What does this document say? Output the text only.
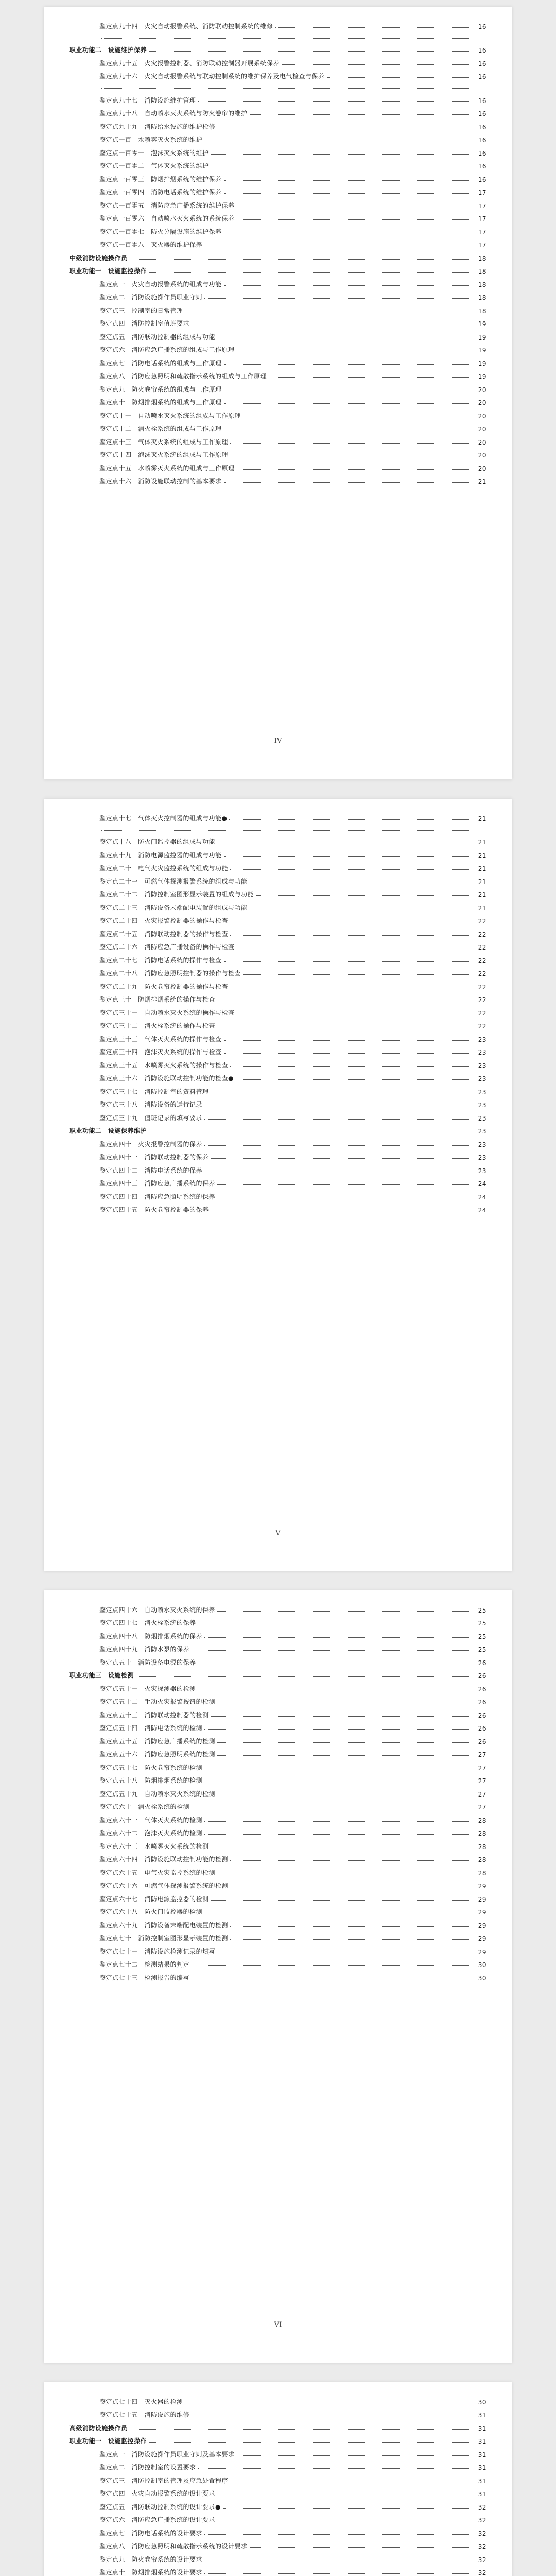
鉴定点九十四　火灾自动报警系统、消防联动控制系统的维修	16
职业功能二　设施维护保养	16
鉴定点九十五　火灾报警控制器、消防联动控制器开展系统保养	16
鉴定点九十六　火灾自动报警系统与联动控制系统的维护保养及电气检查与保养	16
鉴定点九十七　消防设施维护管理	16
鉴定点九十八　自动喷水灭火系统与防火卷帘的维护	16
鉴定点九十九　消防给水设施的维护检修	16
鉴定点一百　水喷雾灭火系统的维护	16
鉴定点一百零一　泡沫灭火系统的维护	16
鉴定点一百零二　气体灭火系统的维护	16
鉴定点一百零三　防烟排烟系统的维护保养	16
鉴定点一百零四　消防电话系统的维护保养	17
鉴定点一百零五　消防应急广播系统的维护保养	17
鉴定点一百零六　自动喷水灭火系统的系统保养	17
鉴定点一百零七　防火分隔设施的维护保养	17
鉴定点一百零八　灭火器的维护保养	17
中级消防设施操作员	18
职业功能一　设施监控操作	18
鉴定点一　火灾自动报警系统的组成与功能	18
鉴定点二　消防设施操作员职业守则	18
鉴定点三　控制室的日常管理	18
鉴定点四　消防控制室值班要求	19
鉴定点五　消防联动控制器的组成与功能	19
鉴定点六　消防应急广播系统的组成与工作原理	19
鉴定点七　消防电话系统的组成与工作原理	19
鉴定点八　消防应急照明和疏散指示系统的组成与工作原理	19
鉴定点九　防火卷帘系统的组成与工作原理	20
鉴定点十　防烟排烟系统的组成与工作原理	20
鉴定点十一　自动喷水灭火系统的组成与工作原理	20
鉴定点十二　消火栓系统的组成与工作原理	20
鉴定点十三　气体灭火系统的组成与工作原理	20
鉴定点十四　泡沫灭火系统的组成与工作原理	20
鉴定点十五　水喷雾灭火系统的组成与工作原理	20
鉴定点十六　消防设施联动控制的基本要求	21
IV
鉴定点十七　气体灭火控制器的组成与功能●	21
鉴定点十八　防火门监控器的组成与功能	21
鉴定点十九　消防电源监控器的组成与功能	21
鉴定点二十　电气火灾监控系统的组成与功能	21
鉴定点二十一　可燃气体探测报警系统的组成与功能	21
鉴定点二十二　消防控制室图形显示装置的组成与功能	21
鉴定点二十三　消防设备末端配电装置的组成与功能	21
鉴定点二十四　火灾报警控制器的操作与检查	22
鉴定点二十五　消防联动控制器的操作与检查	22
鉴定点二十六　消防应急广播设备的操作与检查	22
鉴定点二十七　消防电话系统的操作与检查	22
鉴定点二十八　消防应急照明控制器的操作与检查	22
鉴定点二十九　防火卷帘控制器的操作与检查	22
鉴定点三十　防烟排烟系统的操作与检查	22
鉴定点三十一　自动喷水灭火系统的操作与检查	22
鉴定点三十二　消火栓系统的操作与检查	22
鉴定点三十三　气体灭火系统的操作与检查	23
鉴定点三十四　泡沫灭火系统的操作与检查	23
鉴定点三十五　水喷雾灭火系统的操作与检查	23
鉴定点三十六　消防设施联动控制功能的检查●	23
鉴定点三十七　消防控制室的资料管理	23
鉴定点三十八　消防设备的运行记录	23
鉴定点三十九　值班记录的填写要求	23
职业功能二　设施保养维护	23
鉴定点四十　火灾报警控制器的保养	23
鉴定点四十一　消防联动控制器的保养	23
鉴定点四十二　消防电话系统的保养	23
鉴定点四十三　消防应急广播系统的保养	24
鉴定点四十四　消防应急照明系统的保养	24
鉴定点四十五　防火卷帘控制器的保养	24
V
鉴定点四十六　自动喷水灭火系统的保养	25
鉴定点四十七　消火栓系统的保养	25
鉴定点四十八　防烟排烟系统的保养	25
鉴定点四十九　消防水泵的保养	25
鉴定点五十　消防设备电源的保养	26
职业功能三　设施检测	26
鉴定点五十一　火灾探测器的检测	26
鉴定点五十二　手动火灾报警按钮的检测	26
鉴定点五十三　消防联动控制器的检测	26
鉴定点五十四　消防电话系统的检测	26
鉴定点五十五　消防应急广播系统的检测	26
鉴定点五十六　消防应急照明系统的检测	27
鉴定点五十七　防火卷帘系统的检测	27
鉴定点五十八　防烟排烟系统的检测	27
鉴定点五十九　自动喷水灭火系统的检测	27
鉴定点六十　消火栓系统的检测	27
鉴定点六十一　气体灭火系统的检测	28
鉴定点六十二　泡沫灭火系统的检测	28
鉴定点六十三　水喷雾灭火系统的检测	28
鉴定点六十四　消防设施联动控制功能的检测	28
鉴定点六十五　电气火灾监控系统的检测	28
鉴定点六十六　可燃气体探测报警系统的检测	29
鉴定点六十七　消防电源监控器的检测	29
鉴定点六十八　防火门监控器的检测	29
鉴定点六十九　消防设备末端配电装置的检测	29
鉴定点七十　消防控制室图形显示装置的检测	29
鉴定点七十一　消防设施检测记录的填写	29
鉴定点七十二　检测结果的判定	30
鉴定点七十三　检测报告的编写	30
VI
鉴定点七十四　灭火器的检测	30
鉴定点七十五　消防设施的维修	31
高级消防设施操作员	31
职业功能一　设施监控操作	31
鉴定点一　消防设施操作员职业守则及基本要求	31
鉴定点二　消防控制室的设置要求	31
鉴定点三　消防控制室的管理及应急处置程序	31
鉴定点四　火灾自动报警系统的设计要求	31
鉴定点五　消防联动控制系统的设计要求●	32
鉴定点六　消防应急广播系统的设计要求	32
鉴定点七　消防电话系统的设计要求	32
鉴定点八　消防应急照明和疏散指示系统的设计要求	32
鉴定点九　防火卷帘系统的设计要求	32
鉴定点十　防烟排烟系统的设计要求	32
